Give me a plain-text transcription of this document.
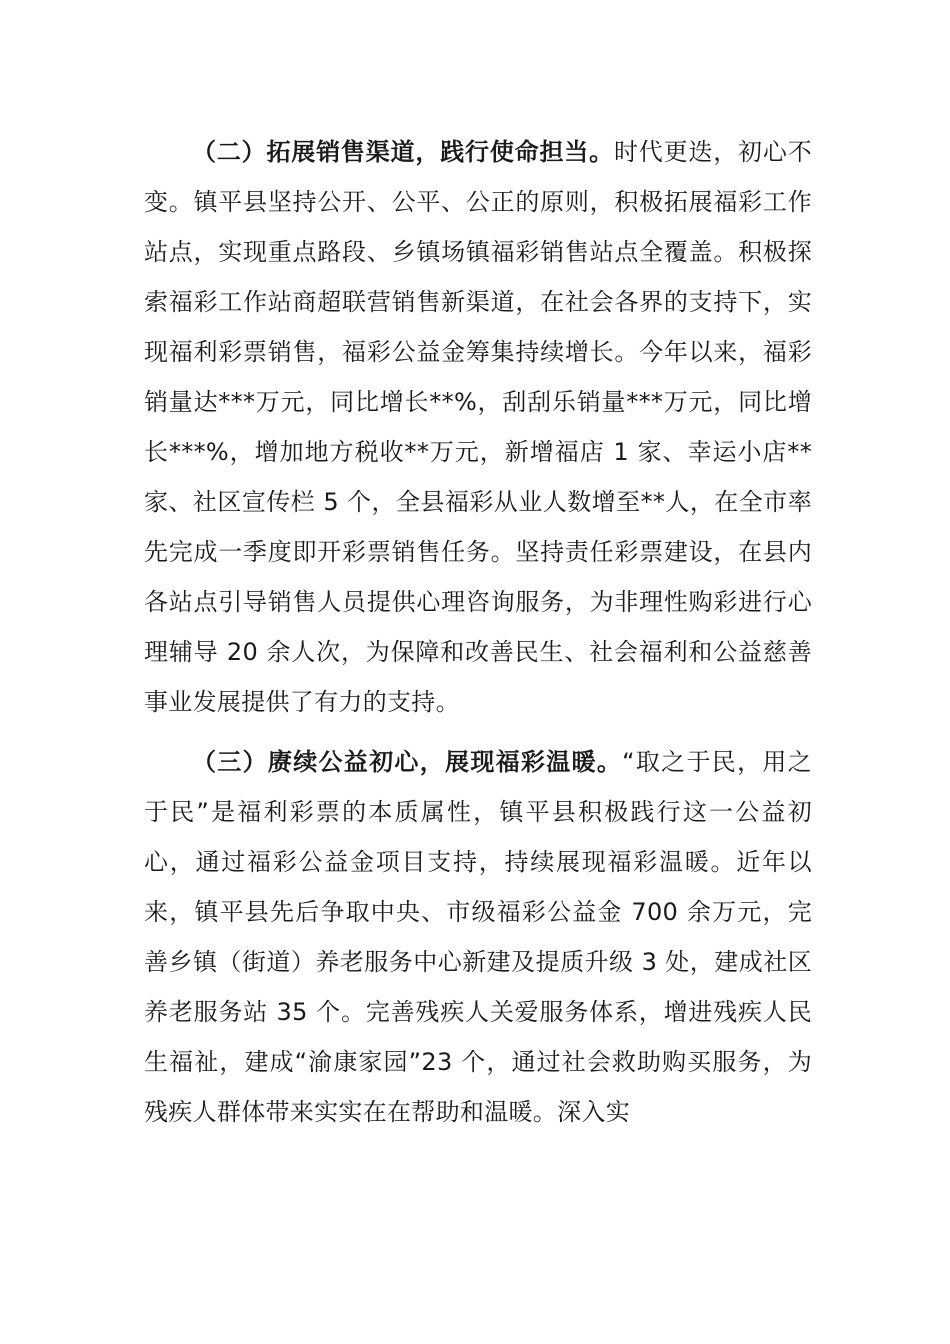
（二）拓展销售渠道，践行使命担当。时代更迭，初心不变。镇平县坚持公开、公平、公正的原则，积极拓展福彩工作站点，实现重点路段、乡镇场镇福彩销售站点全覆盖。积极探索福彩工作站商超联营销售新渠道，在社会各界的支持下，实现福利彩票销售，福彩公益金筹集持续增长。今年以来，福彩销量达***万元，同比增长**%，刮刮乐销量***万元，同比增长***%，增加地方税收**万元，新增福店 1 家、幸运小店**家、社区宣传栏 5 个，全县福彩从业人数增至**人，在全市率先完成一季度即开彩票销售任务。坚持责任彩票建设，在县内各站点引导销售人员提供心理咨询服务，为非理性购彩进行心理辅导 20 余人次，为保障和改善民生、社会福利和公益慈善事业发展提供了有力的支持。

（三）赓续公益初心，展现福彩温暖。“取之于民，用之于民”是福利彩票的本质属性，镇平县积极践行这一公益初心，通过福彩公益金项目支持，持续展现福彩温暖。近年以来，镇平县先后争取中央、市级福彩公益金 700 余万元，完善乡镇（街道）养老服务中心新建及提质升级 3 处，建成社区养老服务站 35 个。完善残疾人关爱服务体系，增进残疾人民生福祉，建成“渝康家园”23 个，通过社会救助购买服务，为残疾人群体带来实实在在帮助和温暖。深入实
